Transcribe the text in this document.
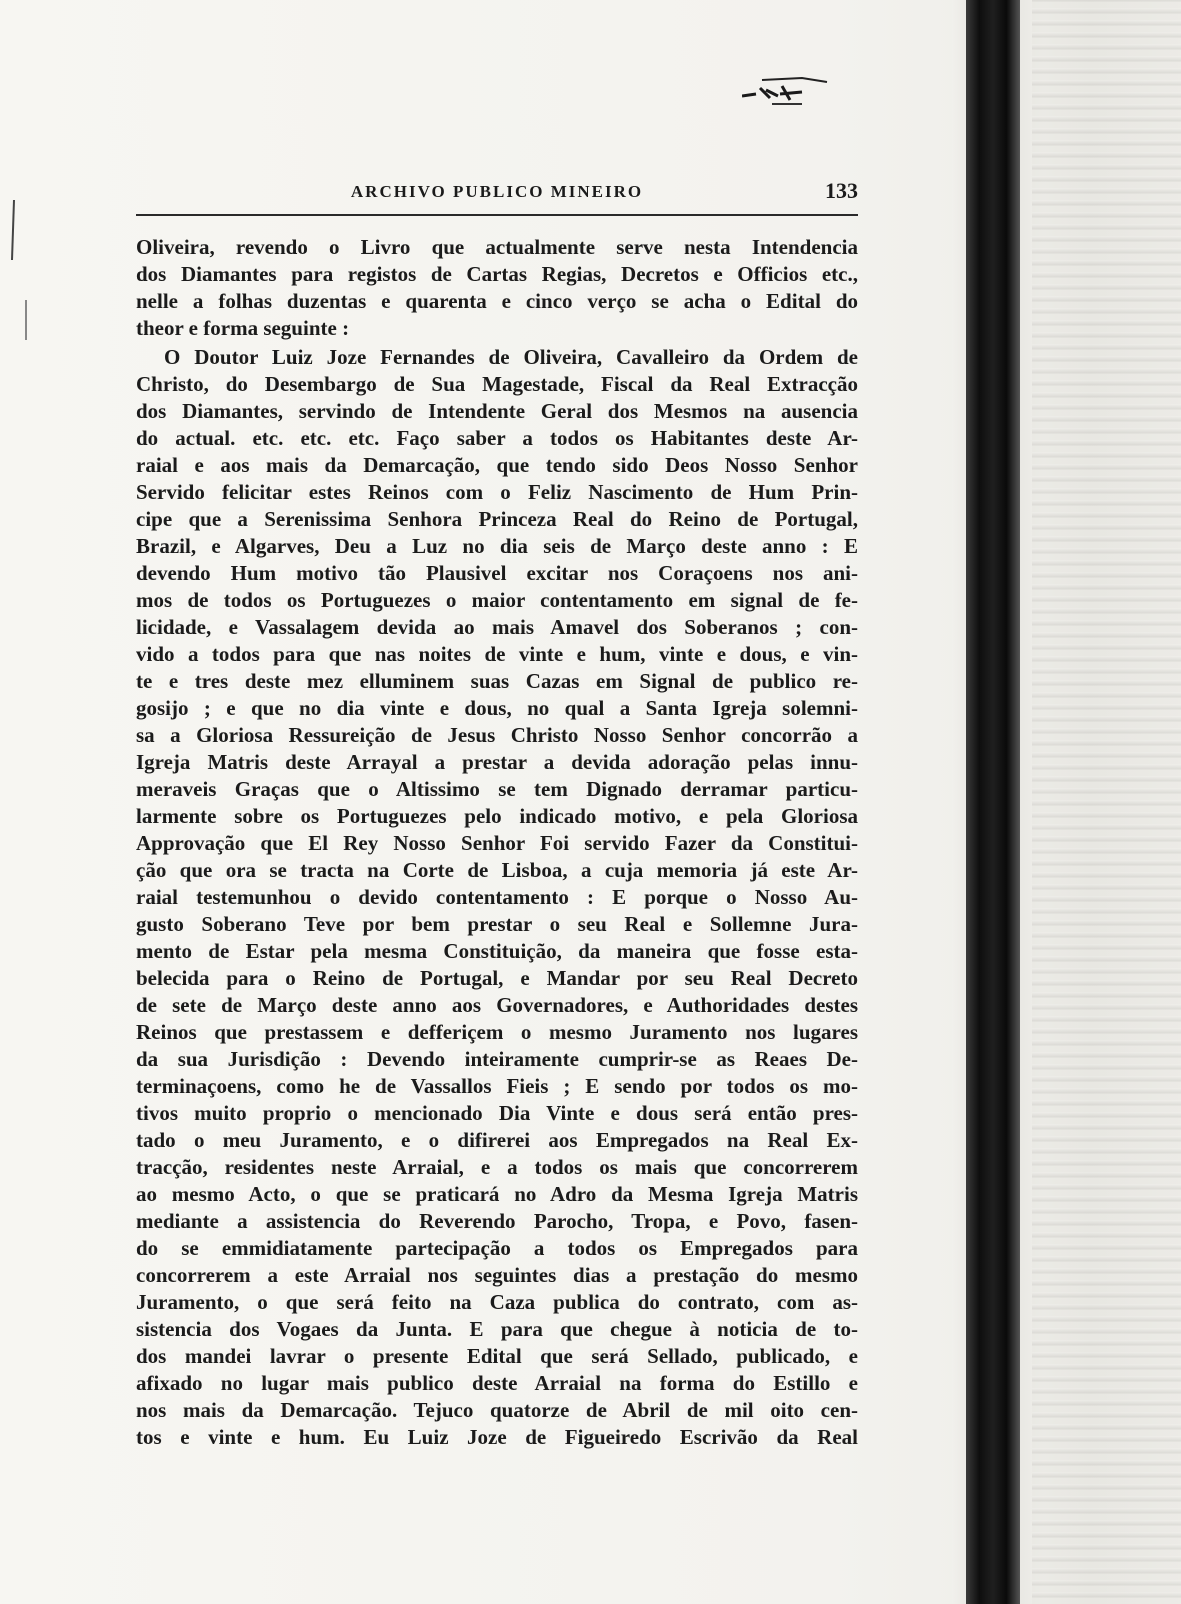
ARCHIVO PUBLICO MINEIRO	133
Oliveira, revendo o Livro que actualmente serve nesta Intendencia
dos Diamantes para registos de Cartas Regias, Decretos e Officios etc.,
nelle a folhas duzentas e quarenta e cinco verço se acha o Edital do
theor e forma seguinte :
O Doutor Luiz Joze Fernandes de Oliveira, Cavalleiro da Ordem de
Christo, do Desembargo de Sua Magestade, Fiscal da Real Extracção
dos Diamantes, servindo de Intendente Geral dos Mesmos na ausencia
do actual. etc. etc. etc. Faço saber a todos os Habitantes deste Ar-
raial e aos mais da Demarcação, que tendo sido Deos Nosso Senhor
Servido felicitar estes Reinos com o Feliz Nascimento de Hum Prin-
cipe que a Serenissima Senhora Princeza Real do Reino de Portugal,
Brazil, e Algarves, Deu a Luz no dia seis de Março deste anno : E
devendo Hum motivo tão Plausivel excitar nos Coraçoens nos ani-
mos de todos os Portuguezes o maior contentamento em signal de fe-
licidade, e Vassalagem devida ao mais Amavel dos Soberanos ; con-
vido a todos para que nas noites de vinte e hum, vinte e dous, e vin-
te e tres deste mez elluminem suas Cazas em Signal de publico re-
gosijo ; e que no dia vinte e dous, no qual a Santa Igreja solemni-
sa a Gloriosa Ressureição de Jesus Christo Nosso Senhor concorrão a
Igreja Matris deste Arrayal a prestar a devida adoração pelas innu-
meraveis Graças que o Altissimo se tem Dignado derramar particu-
larmente sobre os Portuguezes pelo indicado motivo, e pela Gloriosa
Approvação que El Rey Nosso Senhor Foi servido Fazer da Constitui-
ção que ora se tracta na Corte de Lisboa, a cuja memoria já este Ar-
raial testemunhou o devido contentamento : E porque o Nosso Au-
gusto Soberano Teve por bem prestar o seu Real e Sollemne Jura-
mento de Estar pela mesma Constituição, da maneira que fosse esta-
belecida para o Reino de Portugal, e Mandar por seu Real Decreto
de sete de Março deste anno aos Governadores, e Authoridades destes
Reinos que prestassem e defferiçem o mesmo Juramento nos lugares
da sua Jurisdição : Devendo inteiramente cumprir-se as Reaes De-
terminaçoens, como he de Vassallos Fieis ; E sendo por todos os mo-
tivos muito proprio o mencionado Dia Vinte e dous será então pres-
tado o meu Juramento, e o difirerei aos Empregados na Real Ex-
tracção, residentes neste Arraial, e a todos os mais que concorrerem
ao mesmo Acto, o que se praticará no Adro da Mesma Igreja Matris
mediante a assistencia do Reverendo Parocho, Tropa, e Povo, fasen-
do se emmidiatamente partecipação a todos os Empregados para
concorrerem a este Arraial nos seguintes dias a prestação do mesmo
Juramento, o que será feito na Caza publica do contrato, com as-
sistencia dos Vogaes da Junta. E para que chegue à noticia de to-
dos mandei lavrar o presente Edital que será Sellado, publicado, e
afixado no lugar mais publico deste Arraial na forma do Estillo e
nos mais da Demarcação. Tejuco quatorze de Abril de mil oito cen-
tos e vinte e hum. Eu Luiz Joze de Figueiredo Escrivão da Real
